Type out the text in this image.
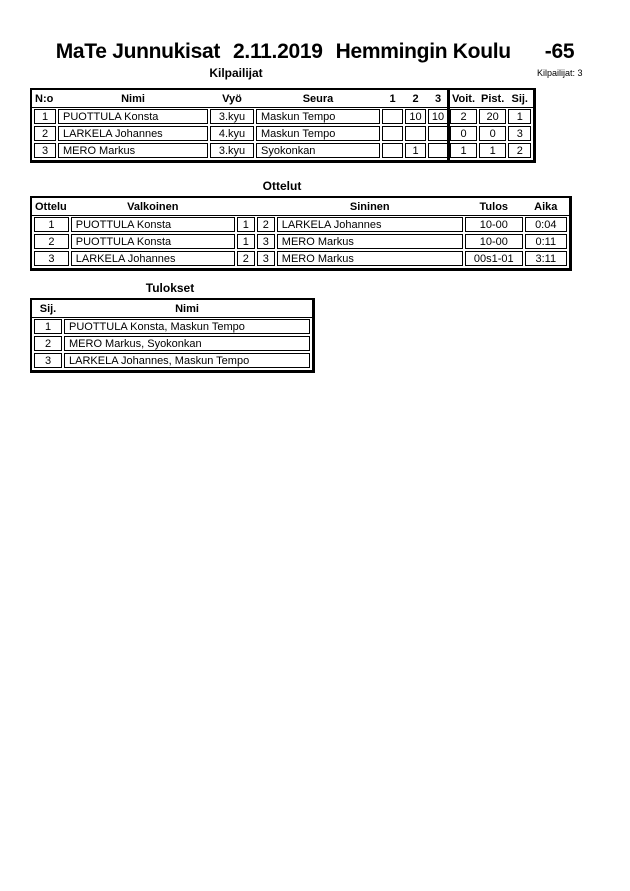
MaTe Junnukisat 2.11.2019 Hemmingin Koulu -65
Kilpailijat	Kilpailijat: 3
N:o	Nimi	Vyö	Seura	1	2	3	Voit.	Pist.	Sij.
1	PUOTTULA Konsta	3.kyu	Maskun Tempo		10	10	2	20	1
2	LARKELA Johannes	4.kyu	Maskun Tempo				0	0	3
3	MERO Markus	3.kyu	Syokonkan		1		1	1	2
Ottelut
Ottelu	Valkoinen			Sininen	Tulos	Aika
1	PUOTTULA Konsta	1	2	LARKELA Johannes	10-00	0:04
2	PUOTTULA Konsta	1	3	MERO Markus	10-00	0:11
3	LARKELA Johannes	2	3	MERO Markus	00s1-01	3:11
Tulokset
Sij.	Nimi
1	PUOTTULA Konsta, Maskun Tempo
2	MERO Markus, Syokonkan
3	LARKELA Johannes, Maskun Tempo
